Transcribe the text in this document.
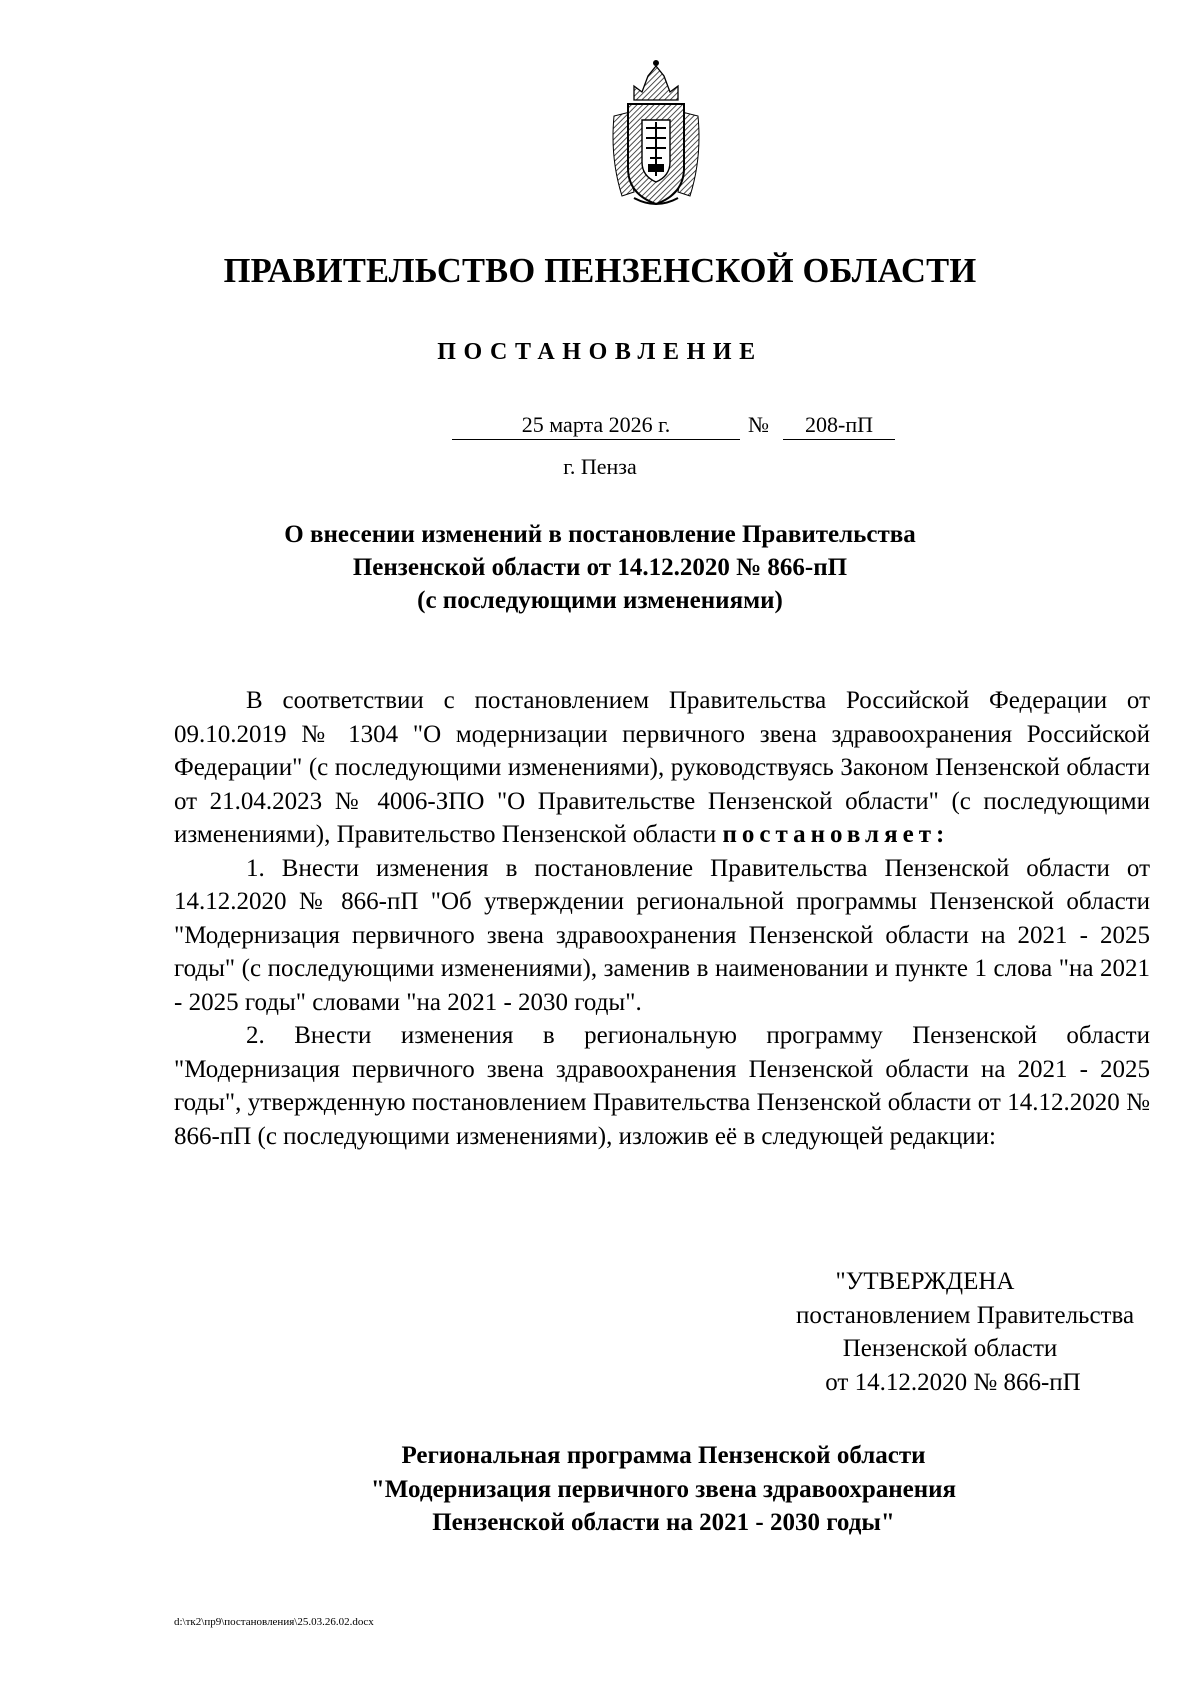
ПРАВИТЕЛЬСТВО ПЕНЗЕНСКОЙ ОБЛАСТИ
ПОСТАНОВЛЕНИЕ
25 марта 2026 г.	№	208-пП
г. Пенза
О внесении изменений в постановление Правительства
Пензенской области от 14.12.2020 № 866-пП
(с последующими изменениями)

В соответствии с постановлением Правительства Российской Федерации от 09.10.2019 № 1304 "О модернизации первичного звена здравоохранения Российской Федерации" (с последующими изменениями), руководствуясь Законом Пензенской области от 21.04.2023 № 4006-ЗПО "О Правительстве Пензенской области" (с последующими изменениями), Правительство Пензенской области постановляет:

1. Внести изменения в постановление Правительства Пензенской области от 14.12.2020 № 866-пП "Об утверждении региональной программы Пензенской области "Модернизация первичного звена здравоохранения Пензенской области на 2021 - 2025 годы" (с последующими изменениями), заменив в наименовании и пункте 1 слова "на 2021 - 2025 годы" словами "на 2021 - 2030 годы".

2. Внести изменения в региональную программу Пензенской области "Модернизация первичного звена здравоохранения Пензенской области на 2021 - 2025 годы", утвержденную постановлением Правительства Пензенской области от 14.12.2020 № 866-пП (с последующими изменениями), изложив её в следующей редакции:

"УТВЕРЖДЕНА
постановлением Правительства
Пензенской области
от 14.12.2020 № 866-пП
Региональная программа Пензенской области
"Модернизация первичного звена здравоохранения
Пензенской области на 2021 - 2030 годы"
d:\тк2\пр9\постановления\25.03.26.02.docx
